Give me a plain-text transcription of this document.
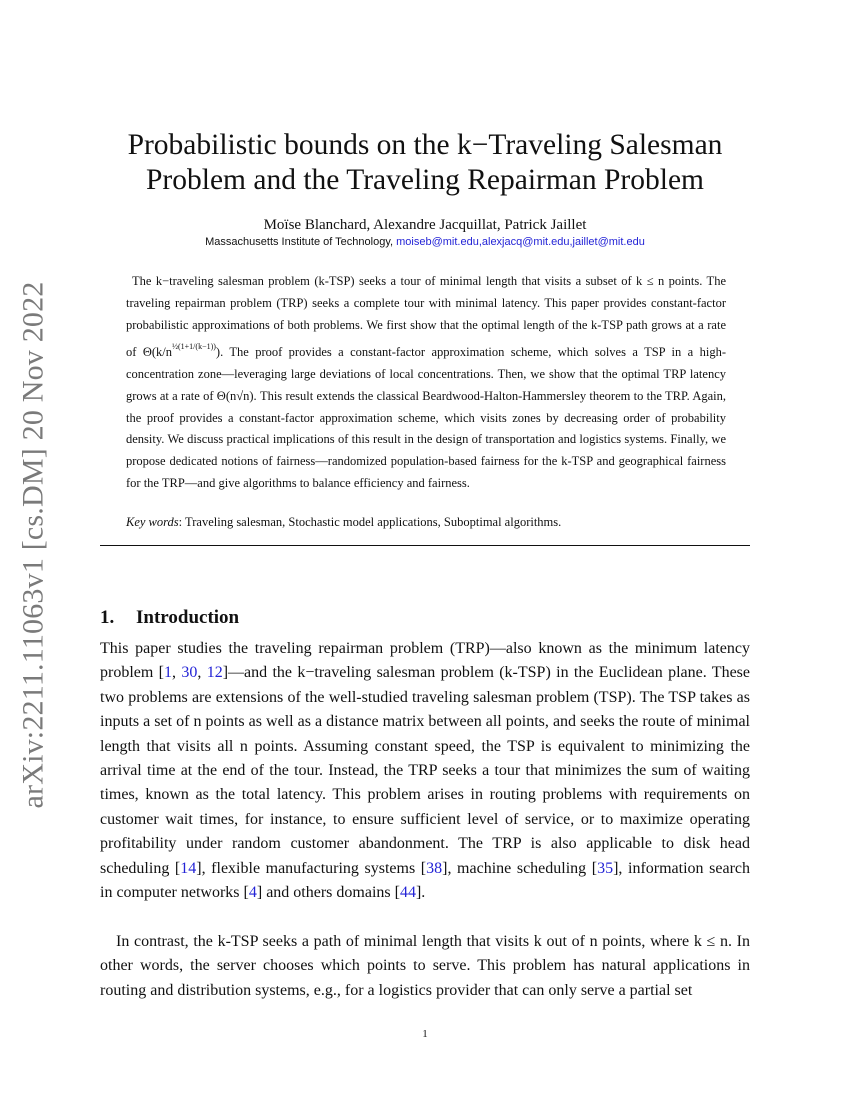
arXiv:2211.11063v1 [cs.DM] 20 Nov 2022
Probabilistic bounds on the k−Traveling Salesman Problem and the Traveling Repairman Problem
Moïse Blanchard, Alexandre Jacquillat, Patrick Jaillet
Massachusetts Institute of Technology, moiseb@mit.edu,alexjacq@mit.edu,jaillet@mit.edu

The k−traveling salesman problem (k-TSP) seeks a tour of minimal length that visits a subset of k ≤ n points. The traveling repairman problem (TRP) seeks a complete tour with minimal latency. This paper provides constant-factor probabilistic approximations of both problems. We first show that the optimal length of the k-TSP path grows at a rate of $\Theta(k/n^{\frac{1}{2}(1+1/(k-1))})$. The proof provides a constant-factor approximation scheme, which solves a TSP in a high-concentration zone—leveraging large deviations of local concentrations. Then, we show that the optimal TRP latency grows at a rate of Θ(n√n). This result extends the classical Beardwood-Halton-Hammersley theorem to the TRP. Again, the proof provides a constant-factor approximation scheme, which visits zones by decreasing order of probability density. We discuss practical implications of this result in the design of transportation and logistics systems. Finally, we propose dedicated notions of fairness—randomized population-based fairness for the k-TSP and geographical fairness for the TRP—and give algorithms to balance efficiency and fairness.

Key words: Traveling salesman, Stochastic model applications, Suboptimal algorithms.
1. Introduction

This paper studies the traveling repairman problem (TRP)—also known as the minimum latency problem [1, 30, 12]—and the k−traveling salesman problem (k-TSP) in the Euclidean plane. These two problems are extensions of the well-studied traveling salesman problem (TSP). The TSP takes as inputs a set of n points as well as a distance matrix between all points, and seeks the route of minimal length that visits all n points. Assuming constant speed, the TSP is equivalent to minimizing the arrival time at the end of the tour. Instead, the TRP seeks a tour that minimizes the sum of waiting times, known as the total latency. This problem arises in routing problems with requirements on customer wait times, for instance, to ensure sufficient level of service, or to maximize operating profitability under random customer abandonment. The TRP is also applicable to disk head scheduling [14], flexible manufacturing systems [38], machine scheduling [35], information search in computer networks [4] and others domains [44].

In contrast, the k-TSP seeks a path of minimal length that visits k out of n points, where k ≤ n. In other words, the server chooses which points to serve. This problem has natural applications in routing and distribution systems, e.g., for a logistics provider that can only serve a partial set

1
